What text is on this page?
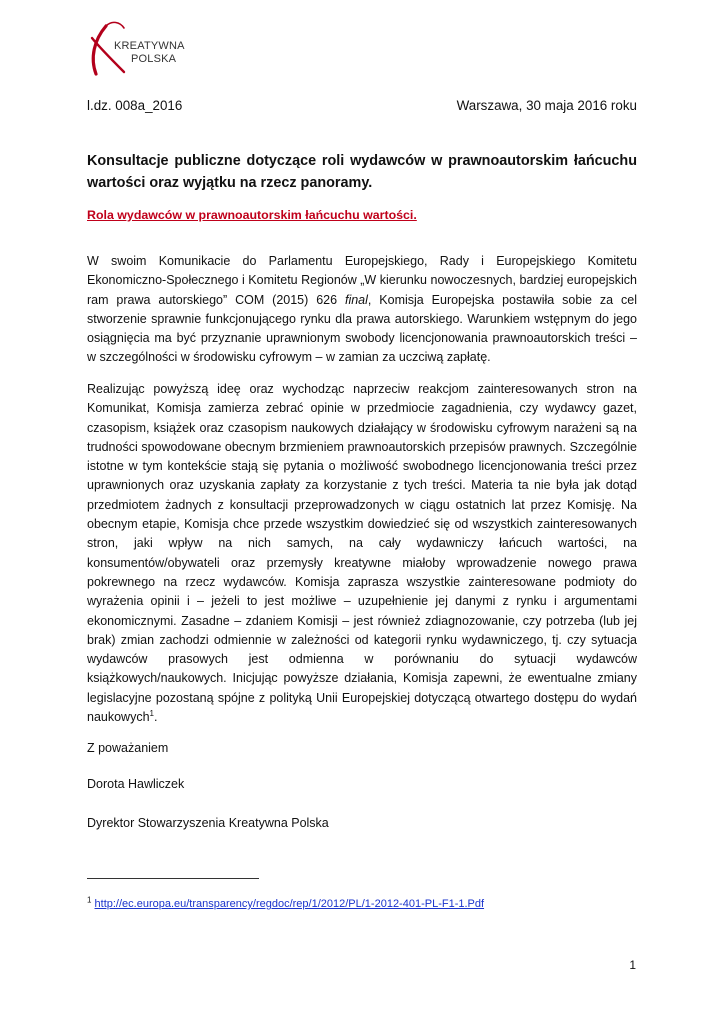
KREATYWNA
POLSKA
l.dz. 008a_2016	Warszawa, 30 maja 2016 roku
Konsultacje publiczne dotyczące roli wydawców w prawnoautorskim łańcuchu wartości oraz wyjątku na rzecz panoramy.
Rola wydawców w prawnoautorskim łańcuchu wartości.

W swoim Komunikacie do Parlamentu Europejskiego, Rady i Europejskiego Komitetu Ekonomiczno-Społecznego i Komitetu Regionów „W kierunku nowoczesnych, bardziej europejskich ram prawa autorskiego” COM (2015) 626 final, Komisja Europejska postawiła sobie za cel stworzenie sprawnie funkcjonującego rynku dla prawa autorskiego. Warunkiem wstępnym do jego osiągnięcia ma być przyznanie uprawnionym swobody licencjonowania prawnoautorskich treści – w szczególności w środowisku cyfrowym – w zamian za uczciwą zapłatę.

Realizując powyższą ideę oraz wychodząc naprzeciw reakcjom zainteresowanych stron na Komunikat, Komisja zamierza zebrać opinie w przedmiocie zagadnienia, czy wydawcy gazet, czasopism, książek oraz czasopism naukowych działający w środowisku cyfrowym narażeni są na trudności spowodowane obecnym brzmieniem prawnoautorskich przepisów prawnych. Szczególnie istotne w tym kontekście stają się pytania o możliwość swobodnego licencjonowania treści przez uprawnionych oraz uzyskania zapłaty za korzystanie z tych treści. Materia ta nie była jak dotąd przedmiotem żadnych z konsultacji przeprowadzonych w ciągu ostatnich lat przez Komisję. Na obecnym etapie, Komisja chce przede wszystkim dowiedzieć się od wszystkich zainteresowanych stron, jaki wpływ na nich samych, na cały wydawniczy łańcuch wartości, na konsumentów/obywateli oraz przemysły kreatywne miałoby wprowadzenie nowego prawa pokrewnego na rzecz wydawców. Komisja zaprasza wszystkie zainteresowane podmioty do wyrażenia opinii i – jeżeli to jest możliwe – uzupełnienie jej danymi z rynku i argumentami ekonomicznymi. Zasadne – zdaniem Komisji – jest również zdiagnozowanie, czy potrzeba (lub jej brak) zmian zachodzi odmiennie w zależności od kategorii rynku wydawniczego, tj. czy sytuacja wydawców prasowych jest odmienna w porównaniu do sytuacji wydawców książkowych/naukowych. Inicjując powyższe działania, Komisja zapewni, że ewentualne zmiany legislacyjne pozostaną spójne z polityką Unii Europejskiej dotyczącą otwartego dostępu do wydań naukowych$^1$.

Z poważaniem

Dorota Hawliczek

Dyrektor Stowarzyszenia Kreatywna Polska

$^1$ http://ec.europa.eu/transparency/regdoc/rep/1/2012/PL/1-2012-401-PL-F1-1.Pdf

1
